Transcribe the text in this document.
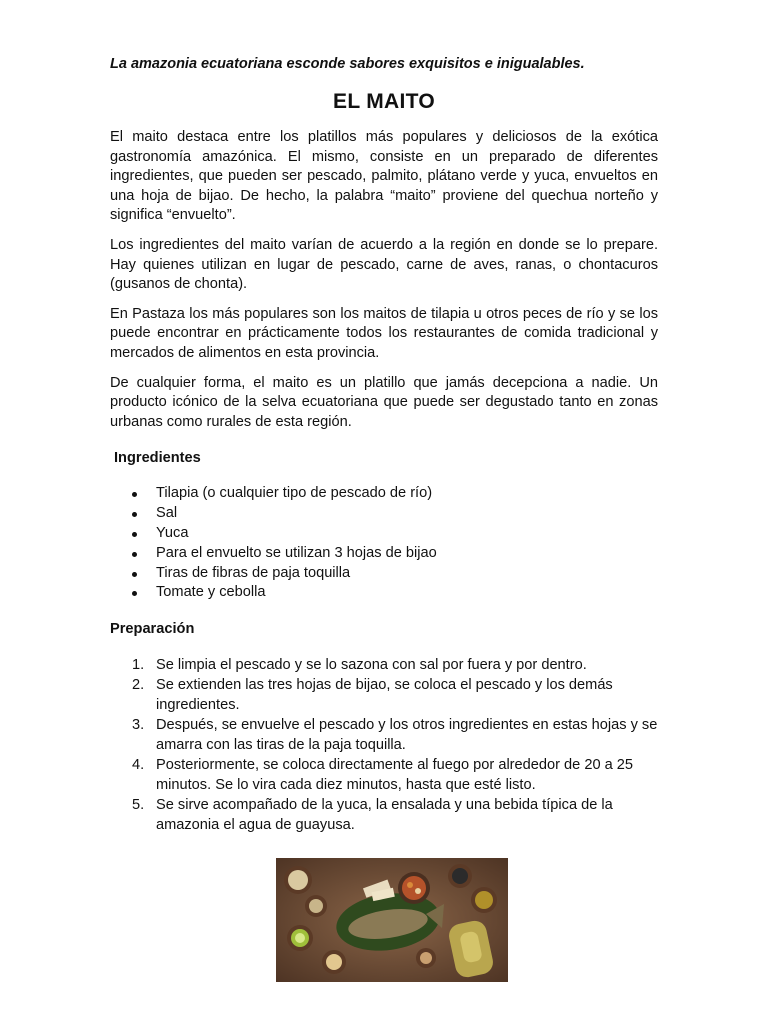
La amazonia ecuatoriana esconde sabores exquisitos e inigualables.
EL MAITO

El maito destaca entre los platillos más populares y deliciosos de la exótica gastronomía amazónica. El mismo, consiste en un preparado de diferentes ingredientes, que pueden ser pescado, palmito, plátano verde y yuca, envueltos en una hoja de bijao. De hecho, la palabra “maito” proviene del quechua norteño y significa “envuelto”.

Los ingredientes del maito varían de acuerdo a la región en donde se lo prepare. Hay quienes utilizan en lugar de pescado, carne de aves, ranas, o chontacuros (gusanos de chonta).

En Pastaza los más populares son los maitos de tilapia u otros peces de río y se los puede encontrar en prácticamente todos los restaurantes de comida tradicional y mercados de alimentos en esta provincia.

De cualquier forma, el maito es un platillo que jamás decepciona a nadie. Un producto icónico de la selva ecuatoriana que puede ser degustado tanto en zonas urbanas como rurales de esta región.

Ingredientes

Tilapia (o cualquier tipo de pescado de río)
Sal
Yuca
Para el envuelto se utilizan 3 hojas de bijao
Tiras de fibras de paja toquilla
Tomate y cebolla

Preparación

1. Se limpia el pescado y se lo sazona con sal por fuera y por dentro.
2. Se extienden las tres hojas de bijao, se coloca el pescado y los demás ingredientes.
3. Después, se envuelve el pescado y los otros ingredientes en estas hojas y se amarra con las tiras de la paja toquilla.
4. Posteriormente, se coloca directamente al fuego por alrededor de 20 a 25 minutos. Se lo vira cada diez minutos, hasta que esté listo.
5. Se sirve acompañado de la yuca, la ensalada y una bebida típica de la amazonia el agua de guayusa.
